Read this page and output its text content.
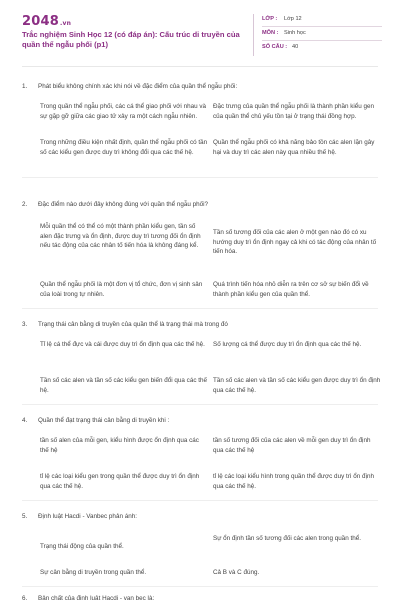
2048.vn
Trắc nghiệm Sinh Học 12 (có đáp án): Cấu trúc di truyền của quần thể ngẫu phối (p1)
LỚP : Lớp 12
MÔN : Sinh học
SỐ CÂU : 40
1. Phát biểu không chính xác khi nói về đặc điểm của quần thể ngẫu phối:
Trong quần thể ngẫu phối, các cá thể giao phối với nhau và sự gặp gỡ giữa các giao tử xảy ra một cách ngẫu nhiên.
Đặc trưng của quần thể ngẫu phối là thành phần kiểu gen của quần thể chủ yếu tồn tại ở trạng thái đồng hợp.
Trong những điều kiện nhất định, quần thể ngẫu phối có tần số các kiểu gen được duy trì không đổi qua các thế hệ.
Quần thể ngẫu phối có khả năng bảo tồn các alen lặn gây hại và duy trì các alen này qua nhiều thế hệ.
2. Đặc điểm nào dưới đây không đúng với quần thể ngẫu phối?
Mỗi quần thể có thể có một thành phần kiểu gen, tần số alen đặc trưng và ổn định, được duy trì tương đối ổn định nếu tác động của các nhân tố tiến hóa là không đáng kể.
Tần số tương đối của các alen ở một gen nào đó có xu hướng duy trì ổn định ngay cả khi có tác động của nhân tố tiến hóa.
Quần thể ngẫu phối là một đơn vị tổ chức, đơn vị sinh sản của loài trong tự nhiên.
Quá trình tiến hóa nhỏ diễn ra trên cơ sở sự biến đổi về thành phần kiểu gen của quần thể.
3. Trạng thái cân bằng di truyền của quần thể là trạng thái mà trong đó
Tỉ lệ cá thể đực và cái được duy trì ổn định qua các thế hệ.	Số lượng cá thể được duy trì ổn định qua các thế hệ.
Tần số các alen và tần số các kiểu gen biến đổi qua các thế hệ.
Tần số các alen và tần số các kiểu gen được duy trì ổn định qua các thế hệ.
4. Quần thể đạt trạng thái cân bằng di truyền khi :
tần số alen của mỗi gen, kiểu hình được ổn định qua các thế hệ
tần số tương đối của các alen về mỗi gen duy trì ổn định qua các thế hệ
tỉ lệ các loại kiểu gen trong quần thể được duy trì ổn định qua các thế hệ.
tỉ lệ các loại kiểu hình trong quần thể được duy trì ổn định qua các thế hệ.
5. Định luật Hacdi - Vanbec phản ánh:
Trạng thái động của quần thể.
Sự ổn định tần số tương đối các alen trong quần thể.
Sự cân bằng di truyền trong quần thể.	Cả B và C đúng.
6. Bản chất của định luật Hacdi - van bec là:
